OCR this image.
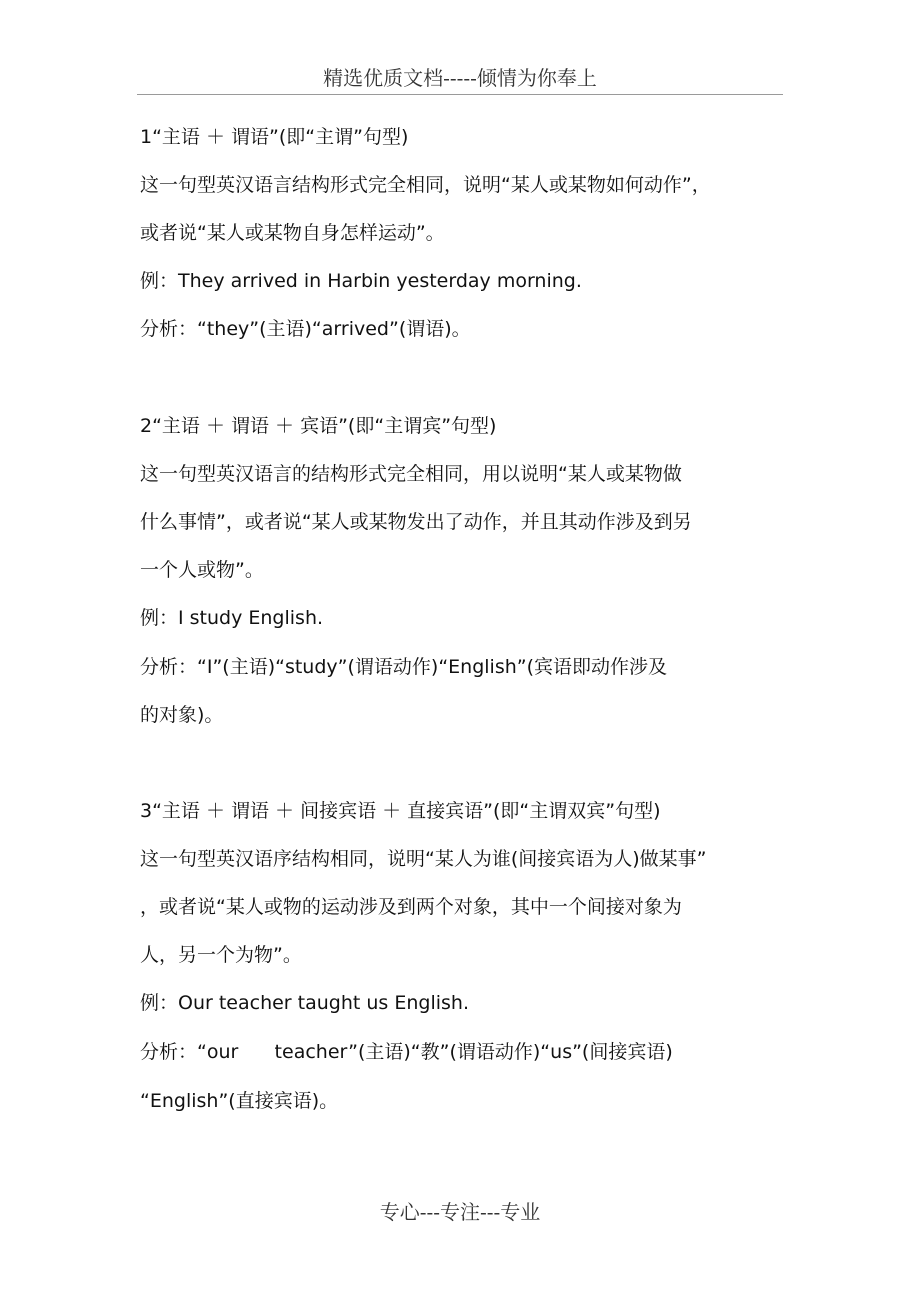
精选优质文档-----倾情为你奉上
1“主语 ＋ 谓语”(即“主谓”句型)
这一句型英汉语言结构形式完全相同，说明“某人或某物如何动作”，
或者说“某人或某物自身怎样运动”。
例：They arrived in Harbin yesterday morning.
分析：“they”(主语)“arrived”(谓语)。
2“主语 ＋ 谓语 ＋ 宾语”(即“主谓宾”句型)
这一句型英汉语言的结构形式完全相同，用以说明“某人或某物做
什么事情”，或者说“某人或某物发出了动作，并且其动作涉及到另
一个人或物”。
例：I study English.
分析：“I”(主语)“study”(谓语动作)“English”(宾语即动作涉及
的对象)。
3“主语 ＋ 谓语 ＋ 间接宾语 ＋ 直接宾语”(即“主谓双宾”句型)
这一句型英汉语序结构相同，说明“某人为谁(间接宾语为人)做某事”
，或者说“某人或物的运动涉及到两个对象，其中一个间接对象为
人，另一个为物”。
例：Our teacher taught us English.
分析：“our      teacher”(主语)“教”(谓语动作)“us”(间接宾语)
“English”(直接宾语)。
专心---专注---专业
